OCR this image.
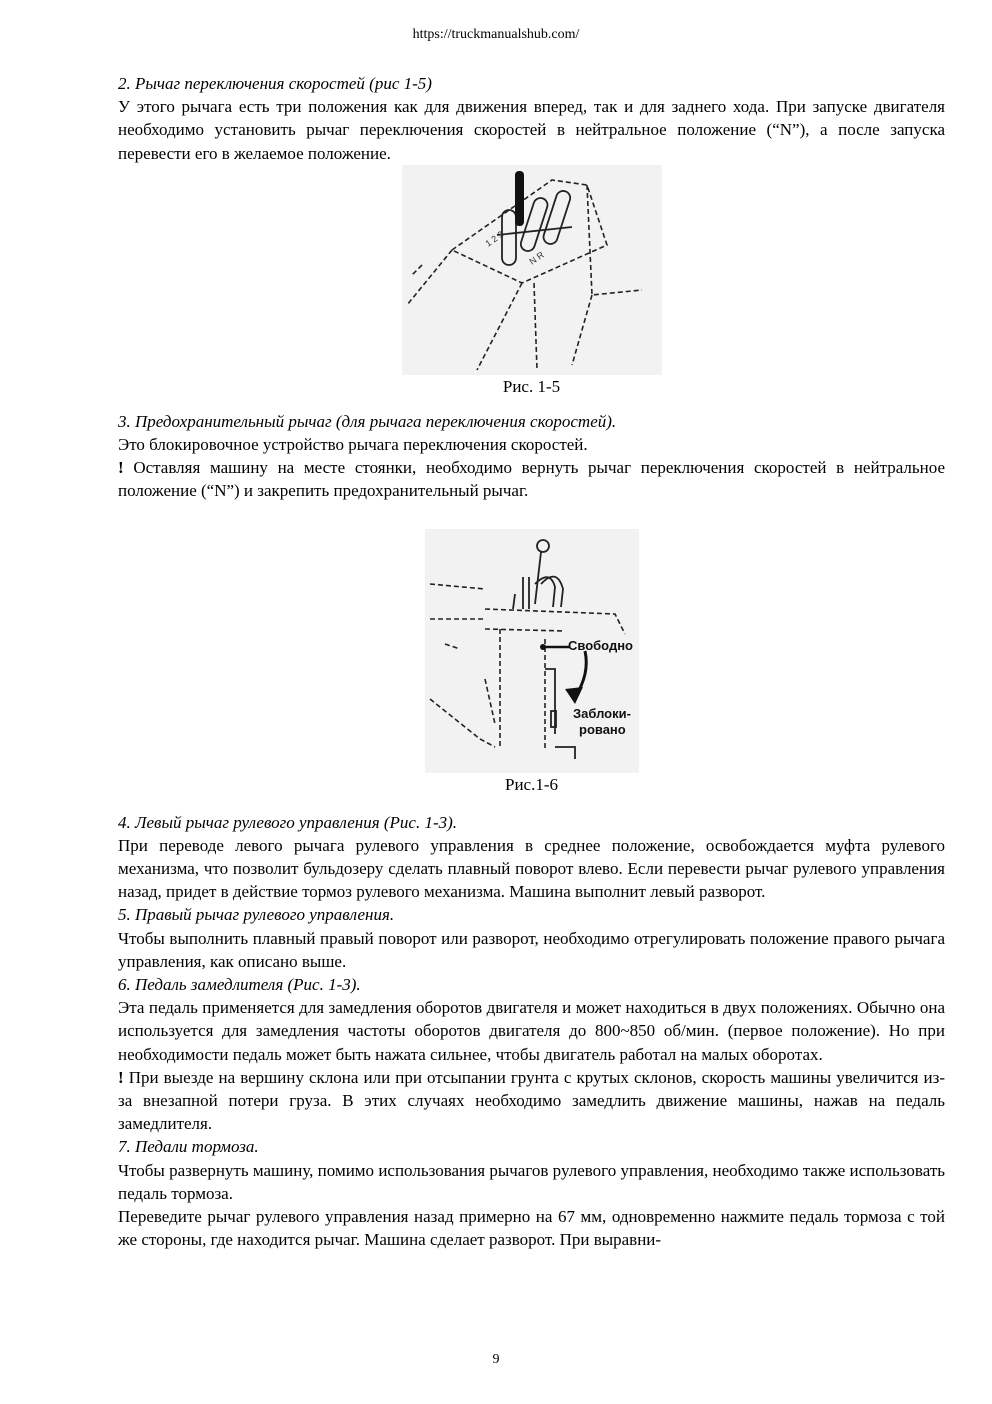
https://truckmanualshub.com/

2. Рычаг переключения скоростей (рис 1-5)

У этого рычага есть три положения как для движения вперед, так и для заднего хода. При запуске двигателя необходимо установить рычаг переключения скоростей в нейтральное положение (“N”), а после запуска перевести его в желаемое положение.

1 2 3
N R
Рис. 1-5

3. Предохранительный рычаг (для рычага переключения скоростей).

Это блокировочное устройство рычага переключения скоростей.

! Оставляя машину на месте стоянки, необходимо вернуть рычаг переключения скоростей в нейтральное положение (“N”) и закрепить предохранительный рычаг.

Свободно
Заблоки-
ровано
Рис.1-6

4. Левый рычаг рулевого управления (Рис. 1-3).

При переводе левого рычага рулевого управления в среднее положение, освобождается муфта рулевого механизма, что позволит бульдозеру сделать плавный поворот влево. Если перевести рычаг рулевого управления назад, придет в действие тормоз рулевого механизма. Машина выполнит левый разворот.

5. Правый рычаг рулевого управления.

Чтобы выполнить плавный правый поворот или разворот, необходимо отрегулировать положение правого рычага управления, как описано выше.

6. Педаль замедлителя (Рис. 1-3).

Эта педаль применяется для замедления оборотов двигателя и может находиться в двух положениях. Обычно она используется для замедления частоты оборотов двигателя до 800~850 об/мин. (первое положение). Но при необходимости педаль может быть нажата сильнее, чтобы двигатель работал на малых оборотах.

! При выезде на вершину склона или при отсыпании грунта с крутых склонов, скорость машины увеличится из-за внезапной потери груза. В этих случаях необходимо замедлить движение машины, нажав на педаль замедлителя.

7. Педали тормоза.

Чтобы развернуть машину, помимо использования рычагов рулевого управления, необходимо также использовать педаль тормоза.

Переведите рычаг рулевого управления назад примерно на 67 мм, одновременно нажмите педаль тормоза с той же стороны, где находится рычаг. Машина сделает разворот. При выравни-

9
